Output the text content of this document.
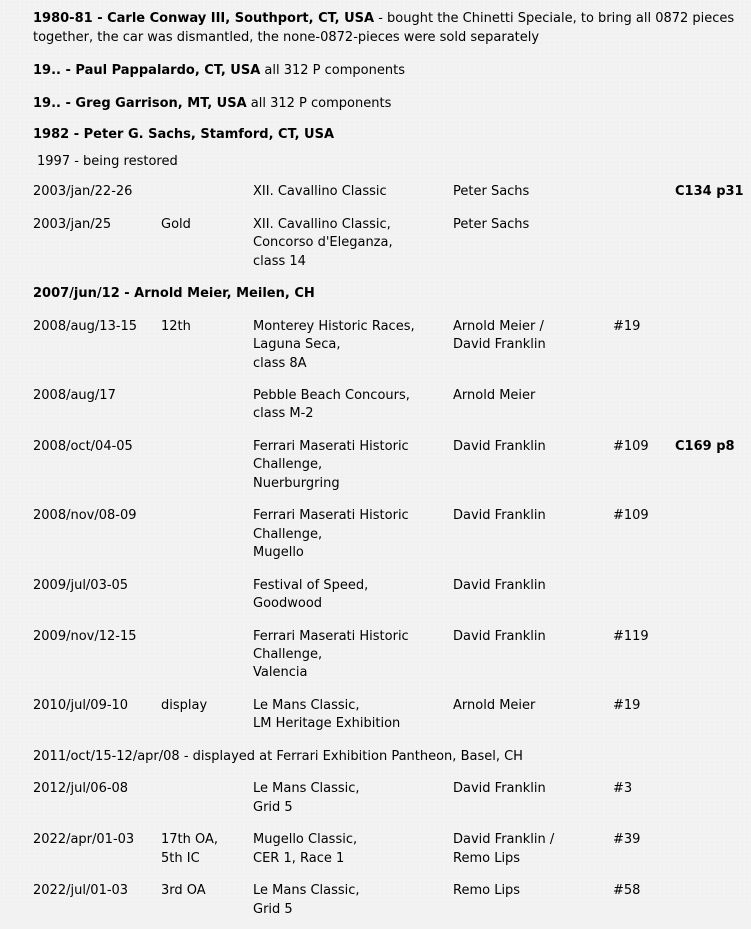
1980-81 - Carle Conway III, Southport, CT, USA - bought the Chinetti Speciale, to bring all 0872 pieces together, the car was dismantled, the none-0872-pieces were sold separately

19.. - Paul Pappalardo, CT, USA all 312 P components

19.. - Greg Garrison, MT, USA all 312 P components

1982 - Peter G. Sachs, Stamford, CT, USA

1997 - being restored

2003/jan/22-26		XII. Cavallino Classic	Peter Sachs		C134 p31
2003/jan/25	Gold	XII. Cavallino Classic,
Concorso d'Eleganza,
class 14	Peter Sachs		
2007/jun/12 - Arnold Meier, Meilen, CH					
2008/aug/13-15	12th	Monterey Historic Races,
Laguna Seca,
class 8A	Arnold Meier /
David Franklin	#19	
2008/aug/17		Pebble Beach Concours,
class M-2	Arnold Meier		
2008/oct/04-05		Ferrari Maserati Historic
Challenge,
Nuerburgring	David Franklin	#109	C169 p8
2008/nov/08-09		Ferrari Maserati Historic
Challenge,
Mugello	David Franklin	#109	
2009/jul/03-05		Festival of Speed,
Goodwood	David Franklin		
2009/nov/12-15		Ferrari Maserati Historic
Challenge,
Valencia	David Franklin	#119	
2010/jul/09-10	display	Le Mans Classic,
LM Heritage Exhibition	Arnold Meier	#19	
2011/oct/15-12/apr/08 - displayed at Ferrari Exhibition Pantheon, Basel, CH					
2012/jul/06-08		Le Mans Classic,
Grid 5	David Franklin	#3	
2022/apr/01-03	17th OA,
5th IC	Mugello Classic,
CER 1, Race 1	David Franklin /
Remo Lips	#39	
2022/jul/01-03	3rd OA	Le Mans Classic,
Grid 5	Remo Lips	#58	
